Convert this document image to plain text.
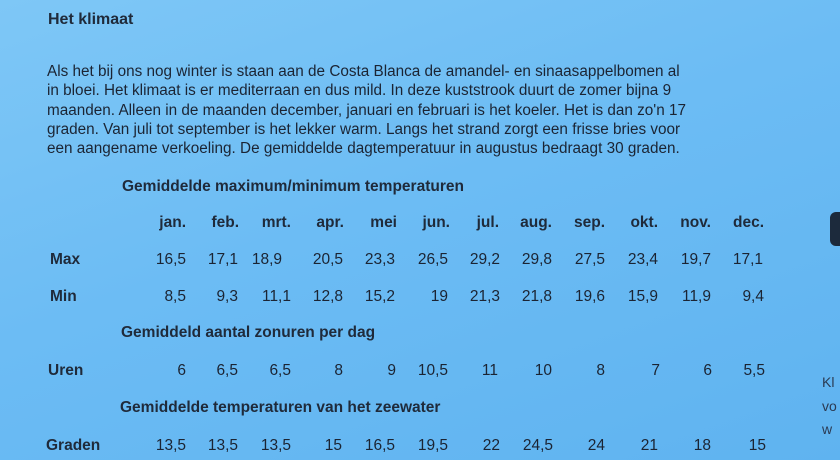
Het klimaat

Als het bij ons nog winter is staan aan de Costa Blanca de amandel- en sinaasappelbomen al
in bloei. Het klimaat is er mediterraan en dus mild. In deze kuststrook duurt de zomer bijna 9
maanden. Alleen in de maanden december, januari en februari is het koeler. Het is dan zo'n 17
graden. Van juli tot september is het lekker warm. Langs het strand zorgt een frisse bries voor
een aangename verkoeling. De gemiddelde dagtemperatuur in augustus bedraagt 30 graden.

Gemiddelde maximum/minimum temperaturen
jan.	feb.	mrt.	apr.	mei	jun.	jul.	aug.	sep.	okt.	nov.	dec.
Max	16,5	17,1 18,9	20,5	23,3	26,5	29,2	29,8	27,5	23,4	19,7	17,1
Min	8,5	9,3	11,1	12,8	15,2	19	21,3	21,8	19,6	15,9	11,9	9,4
Gemiddeld aantal zonuren per dag
Uren	6	6,5	6,5	8	9	10,5	11	10	8	7	6	5,5
Gemiddelde temperaturen van het zeewater
Graden	13,5	13,5	13,5	15	16,5	19,5	22	24,5	24	21	18	15
Kl
vo
w
